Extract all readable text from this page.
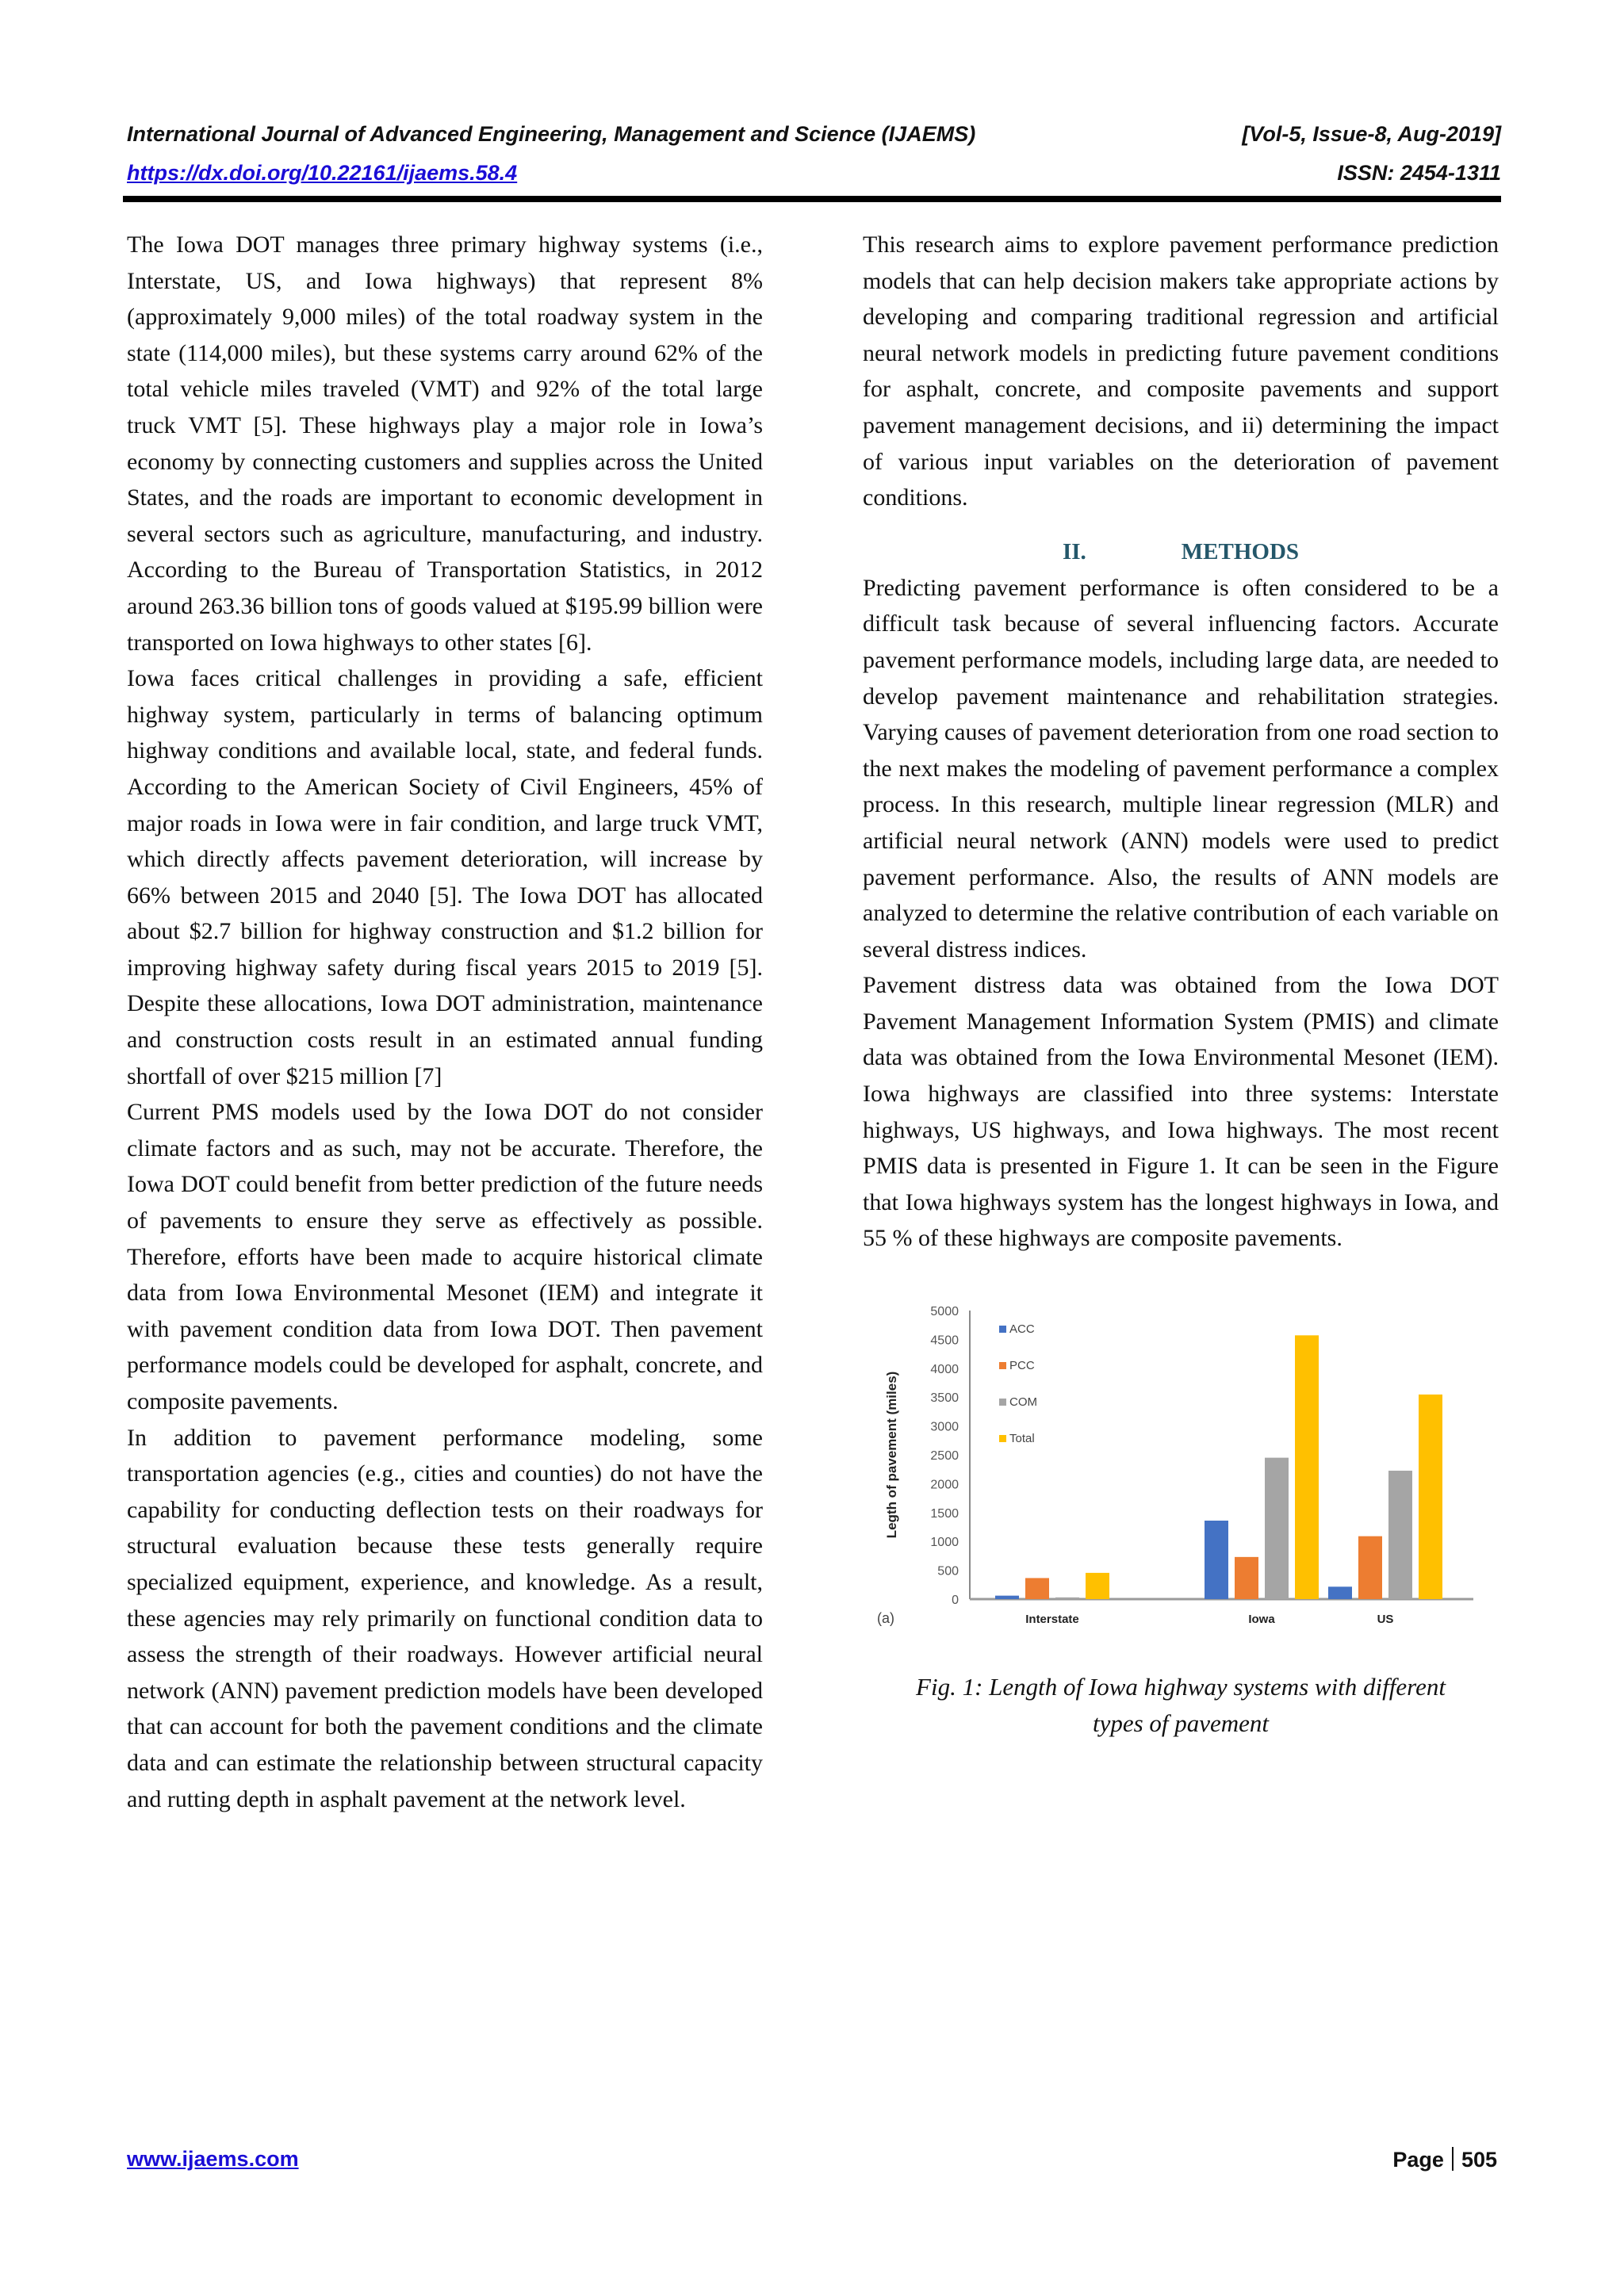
International Journal of Advanced Engineering, Management and Science (IJAEMS)	[Vol-5, Issue-8, Aug-2019]
https://dx.doi.org/10.22161/ijaems.58.4	ISSN: 2454-1311

The Iowa DOT manages three primary highway systems (i.e., Interstate, US, and Iowa highways) that represent 8% (approximately 9,000 miles) of the total roadway system in the state (114,000 miles), but these systems carry around 62% of the total vehicle miles traveled (VMT) and 92% of the total large truck VMT [5]. These highways play a major role in Iowa’s economy by connecting customers and supplies across the United States, and the roads are important to economic development in several sectors such as agriculture, manufacturing, and industry. According to the Bureau of Transportation Statistics, in 2012 around 263.36 billion tons of goods valued at $195.99 billion were transported on Iowa highways to other states [6].

Iowa faces critical challenges in providing a safe, efficient highway system, particularly in terms of balancing optimum highway conditions and available local, state, and federal funds. According to the American Society of Civil Engineers, 45% of major roads in Iowa were in fair condition, and large truck VMT, which directly affects pavement deterioration, will increase by 66% between 2015 and 2040 [5]. The Iowa DOT has allocated about $2.7 billion for highway construction and $1.2 billion for improving highway safety during fiscal years 2015 to 2019 [5]. Despite these allocations, Iowa DOT administration, maintenance and construction costs result in an estimated annual funding shortfall of over $215 million [7]

Current PMS models used by the Iowa DOT do not consider climate factors and as such, may not be accurate. Therefore, the Iowa DOT could benefit from better prediction of the future needs of pavements to ensure they serve as effectively as possible. Therefore, efforts have been made to acquire historical climate data from Iowa Environmental Mesonet (IEM) and integrate it with pavement condition data from Iowa DOT. Then pavement performance models could be developed for asphalt, concrete, and composite pavements.

In addition to pavement performance modeling, some transportation agencies (e.g., cities and counties) do not have the capability for conducting deflection tests on their roadways for structural evaluation because these tests generally require specialized equipment, experience, and knowledge. As a result, these agencies may rely primarily on functional condition data to assess the strength of their roadways. However artificial neural network (ANN) pavement prediction models have been developed that can account for both the pavement conditions and the climate data and can estimate the relationship between structural capacity and rutting depth in asphalt pavement at the network level.

This research aims to explore pavement performance prediction models that can help decision makers take appropriate actions by developing and comparing traditional regression and artificial neural network models in predicting future pavement conditions for asphalt, concrete, and composite pavements and support pavement management decisions, and ii) determining the impact of various input variables on the deterioration of pavement conditions.

II.	METHODS

Predicting pavement performance is often considered to be a difficult task because of several influencing factors. Accurate pavement performance models, including large data, are needed to develop pavement maintenance and rehabilitation strategies. Varying causes of pavement deterioration from one road section to the next makes the modeling of pavement performance a complex process. In this research, multiple linear regression (MLR) and artificial neural network (ANN) models were used to predict pavement performance. Also, the results of ANN models are analyzed to determine the relative contribution of each variable on several distress indices.

Pavement distress data was obtained from the Iowa DOT Pavement Management Information System (PMIS) and climate data was obtained from the Iowa Environmental Mesonet (IEM). Iowa highways are classified into three systems: Interstate highways, US highways, and Iowa highways. The most recent PMIS data is presented in Figure 1. It can be seen in the Figure that Iowa highways system has the longest highways in Iowa, and 55 % of these highways are composite pavements.

0
500
1000
1500
2000
2500
3000
3500
4000
4500
5000
Legth of pavement (miles)
Interstate	Iowa	US
ACC
PCC
COM
Total
(a)
Fig. 1: Length of Iowa highway systems with different types of pavement
www.ijaems.com	Page 505
